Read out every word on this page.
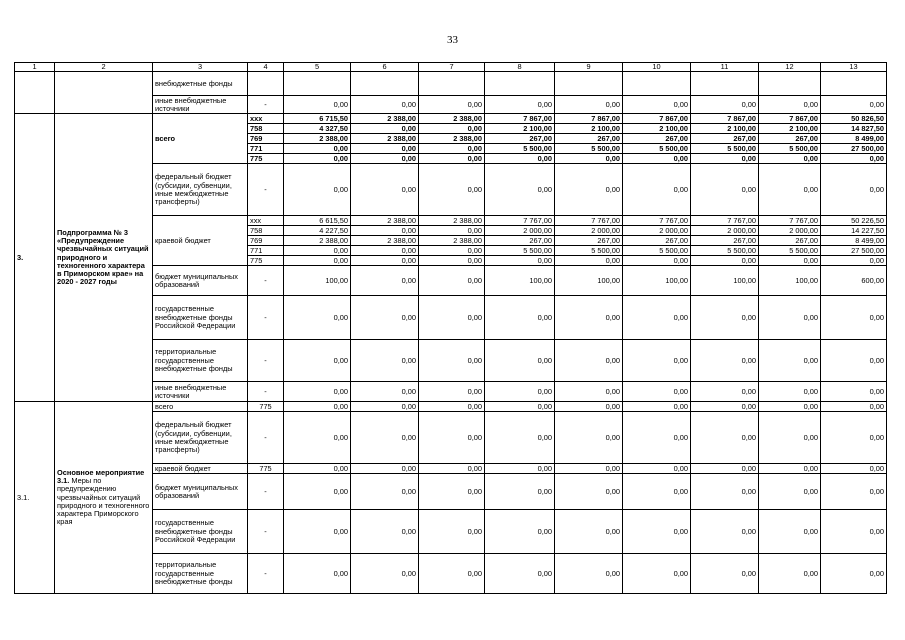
33
1	2	3	4	5	6	7	8	9	10	11	12	13
		внебюджетные фонды										
		иные внебюджетные источники	-	0,00	0,00	0,00	0,00	0,00	0,00	0,00	0,00	0,00
3.	Подпрограмма № 3 «Предупреждение чрезвычайных ситуаций природного и техногенного характера в Приморском крае» на 2020 - 2027 годы	всего	xxx	6 715,50	2 388,00	2 388,00	7 867,00	7 867,00	7 867,00	7 867,00	7 867,00	50 826,50
			758	4 327,50	0,00	0,00	2 100,00	2 100,00	2 100,00	2 100,00	2 100,00	14 827,50
			769	2 388,00	2 388,00	2 388,00	267,00	267,00	267,00	267,00	267,00	8 499,00
			771	0,00	0,00	0,00	5 500,00	5 500,00	5 500,00	5 500,00	5 500,00	27 500,00
			775	0,00	0,00	0,00	0,00	0,00	0,00	0,00	0,00	0,00
		федеральный бюджет (субсидии, субвенции, иные межбюджетные трансферты)	-	0,00	0,00	0,00	0,00	0,00	0,00	0,00	0,00	0,00
		краевой бюджет	xxx	6 615,50	2 388,00	2 388,00	7 767,00	7 767,00	7 767,00	7 767,00	7 767,00	50 226,50
			758	4 227,50	0,00	0,00	2 000,00	2 000,00	2 000,00	2 000,00	2 000,00	14 227,50
			769	2 388,00	2 388,00	2 388,00	267,00	267,00	267,00	267,00	267,00	8 499,00
			771	0,00	0,00	0,00	5 500,00	5 500,00	5 500,00	5 500,00	5 500,00	27 500,00
			775	0,00	0,00	0,00	0,00	0,00	0,00	0,00	0,00	0,00
		бюджет муниципальных образований	-	100,00	0,00	0,00	100,00	100,00	100,00	100,00	100,00	600,00
		государственные внебюджетные фонды Российской Федерации	-	0,00	0,00	0,00	0,00	0,00	0,00	0,00	0,00	0,00
		территориальные государственные внебюджетные фонды	-	0,00	0,00	0,00	0,00	0,00	0,00	0,00	0,00	0,00
		иные внебюджетные источники	-	0,00	0,00	0,00	0,00	0,00	0,00	0,00	0,00	0,00
3.1.	Основное мероприятие 3.1. Меры по предупреждению чрезвычайных ситуаций природного и техногенного характера Приморского края	всего	775	0,00	0,00	0,00	0,00	0,00	0,00	0,00	0,00	0,00
		федеральный бюджет (субсидии, субвенции, иные межбюджетные трансферты)	-	0,00	0,00	0,00	0,00	0,00	0,00	0,00	0,00	0,00
		краевой бюджет	775	0,00	0,00	0,00	0,00	0,00	0,00	0,00	0,00	0,00
		бюджет муниципальных образований	-	0,00	0,00	0,00	0,00	0,00	0,00	0,00	0,00	0,00
		государственные внебюджетные фонды Российской Федерации	-	0,00	0,00	0,00	0,00	0,00	0,00	0,00	0,00	0,00
		территориальные государственные внебюджетные фонды	-	0,00	0,00	0,00	0,00	0,00	0,00	0,00	0,00	0,00
